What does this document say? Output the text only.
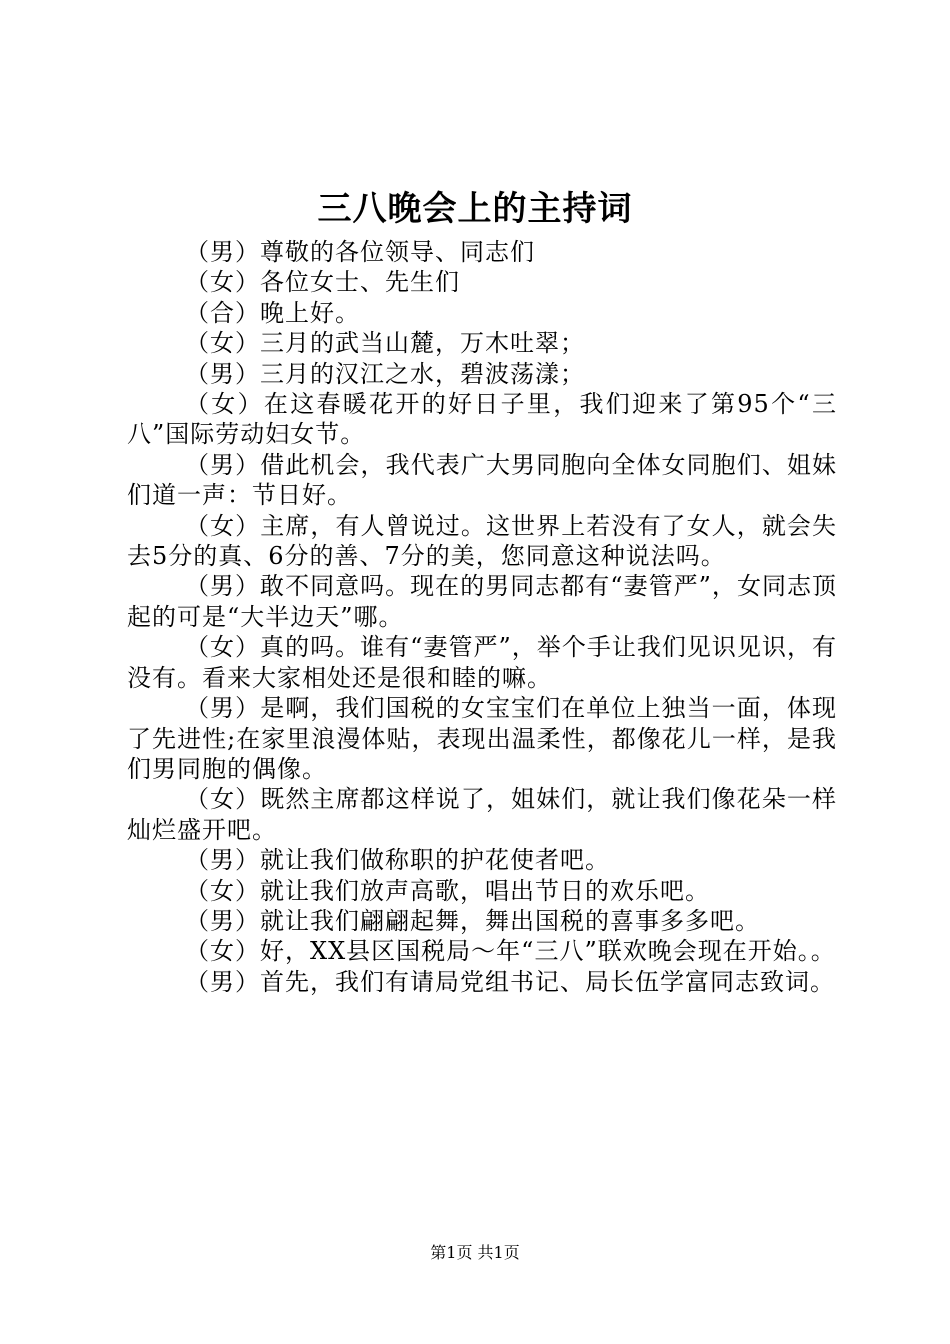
三八晚会上的主持词

（男）尊敬的各位领导、同志们

（女）各位女士、先生们

（合）晚上好。

（女）三月的武当山麓，万木吐翠；

（男）三月的汉江之水，碧波荡漾；

（女）在这春暖花开的好日子里，我们迎来了第95个“三八”国际劳动妇女节。

（男）借此机会，我代表广大男同胞向全体女同胞们、姐妹们道一声：节日好。

（女）主席，有人曾说过。这世界上若没有了女人，就会失去5分的真、6分的善、7分的美，您同意这种说法吗。

（男）敢不同意吗。现在的男同志都有“妻管严”，女同志顶起的可是“大半边天”哪。

（女）真的吗。谁有“妻管严”，举个手让我们见识见识，有没有。看来大家相处还是很和睦的嘛。

（男）是啊，我们国税的女宝宝们在单位上独当一面，体现了先进性;在家里浪漫体贴，表现出温柔性，都像花儿一样，是我们男同胞的偶像。

（女）既然主席都这样说了，姐妹们，就让我们像花朵一样灿烂盛开吧。

（男）就让我们做称职的护花使者吧。

（女）就让我们放声高歌，唱出节日的欢乐吧。

（男）就让我们翩翩起舞，舞出国税的喜事多多吧。

（女）好，XX县区国税局～年“三八”联欢晚会现在开始。。

（男）首先，我们有请局党组书记、局长伍学富同志致词。

第1页 共1页
